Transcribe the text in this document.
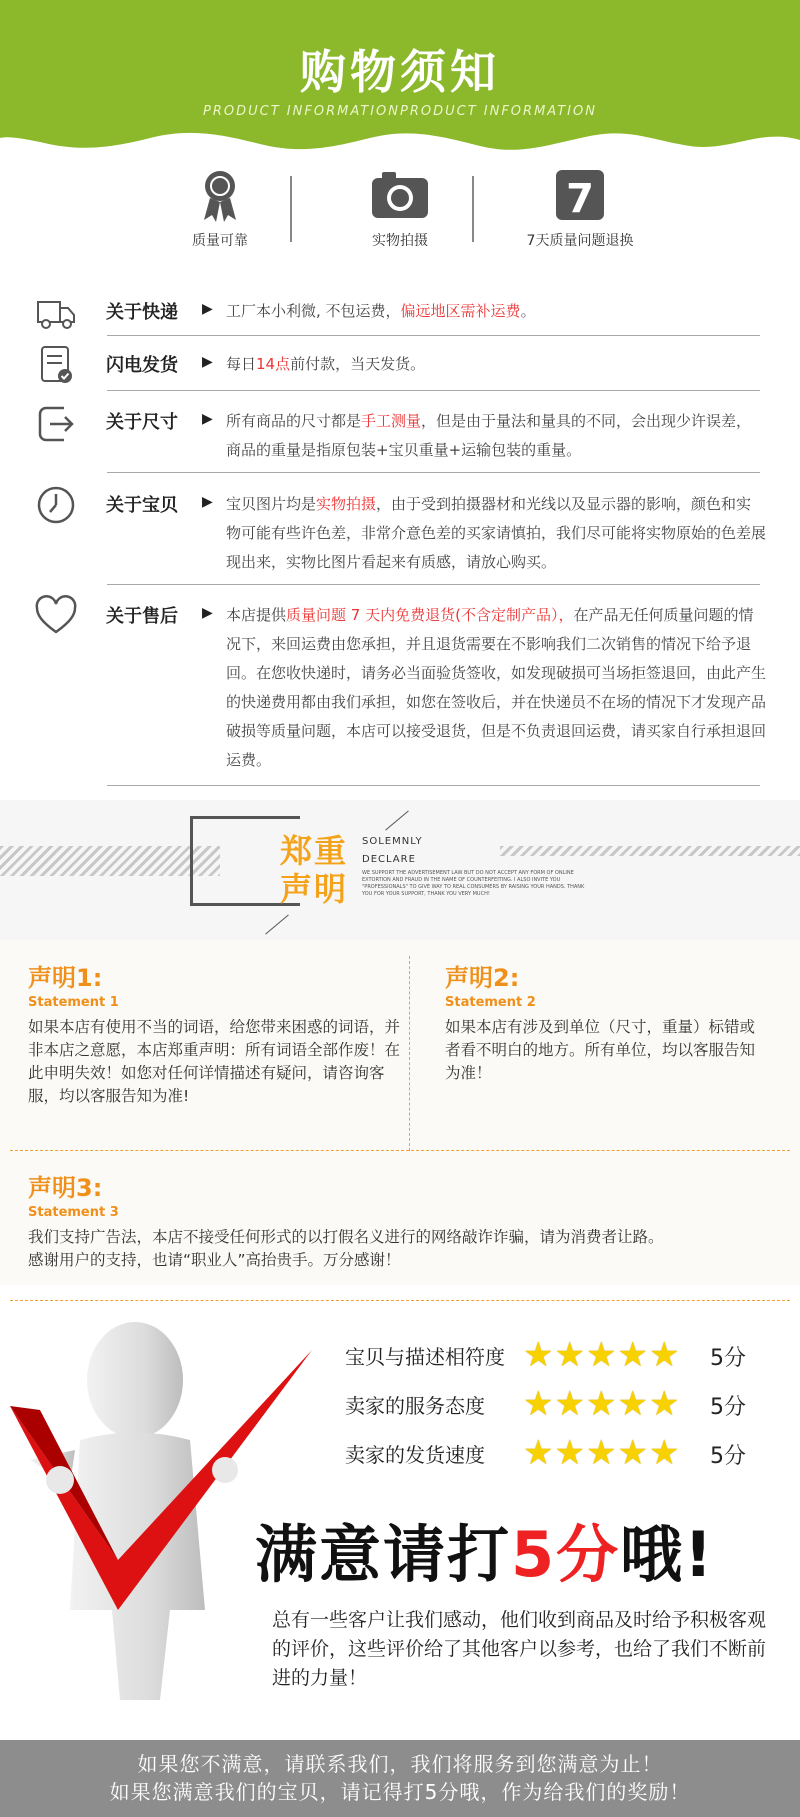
购物须知
PRODUCT INFORMATIONPRODUCT INFORMATION
质量可靠	实物拍摄
7
7天质量问题退换
关于快递 ▶ 工厂本小利微, 不包运费，偏远地区需补运费。
闪电发货 ▶ 每日14点前付款，当天发货。
关于尺寸 ▶ 所有商品的尺寸都是手工测量，但是由于量法和量具的不同，会出现少许误差，商品的重量是指原包装+宝贝重量+运输包装的重量。
关于宝贝 ▶ 宝贝图片均是实物拍摄，由于受到拍摄器材和光线以及显示器的影响，颜色和实物可能有些许色差，非常介意色差的买家请慎拍，我们尽可能将实物原始的色差展现出来，实物比图片看起来有质感，请放心购买。
关于售后 ▶ 本店提供质量问题 7 天内免费退货(不含定制产品），在产品无任何质量问题的情况下，来回运费由您承担，并且退货需要在不影响我们二次销售的情况下给予退回。在您收快递时，请务必当面验货签收，如发现破损可当场拒签退回，由此产生的快递费用都由我们承担，如您在签收后，并在快递员不在场的情况下才发现产品破损等质量问题，本店可以接受退货，但是不负责退回运费，请买家自行承担退回运费。
郑重
声明
SOLEMNLY
DECLARE
WE SUPPORT THE ADVERTISEMENT LAW BUT DO NOT ACCEPT ANY FORM OF ONLINE EXTORTION AND FRAUD IN THE NAME OF COUNTERFEITING. I ALSO INVITE YOU "PROFESSIONALS" TO GIVE WAY TO REAL CONSUMERS BY RAISING YOUR HANDS. THANK YOU FOR YOUR SUPPORT, THANK YOU VERY MUCH!
声明1:
Statement 1
如果本店有使用不当的词语，给您带来困惑的词语，并非本店之意愿，本店郑重声明：所有词语全部作废！在此申明失效！如您对任何详情描述有疑问，请咨询客服，均以客服告知为准!
声明2:
Statement 2
如果本店有涉及到单位（尺寸，重量）标错或者看不明白的地方。所有单位，均以客服告知为准！
声明3:
Statement 3
我们支持广告法，本店不接受任何形式的以打假名义进行的网络敲诈诈骗，请为消费者让路。感谢用户的支持，也请“职业人”高抬贵手。万分感谢！
宝贝与描述相符度 ★★★★★ 5分
卖家的服务态度 ★★★★★ 5分
卖家的发货速度 ★★★★★ 5分
满意请打5分哦!
总有一些客户让我们感动，他们收到商品及时给予积极客观的评价，这些评价给了其他客户以参考，也给了我们不断前进的力量！
如果您不满意，请联系我们，我们将服务到您满意为止！
如果您满意我们的宝贝，请记得打5分哦，作为给我们的奖励！
